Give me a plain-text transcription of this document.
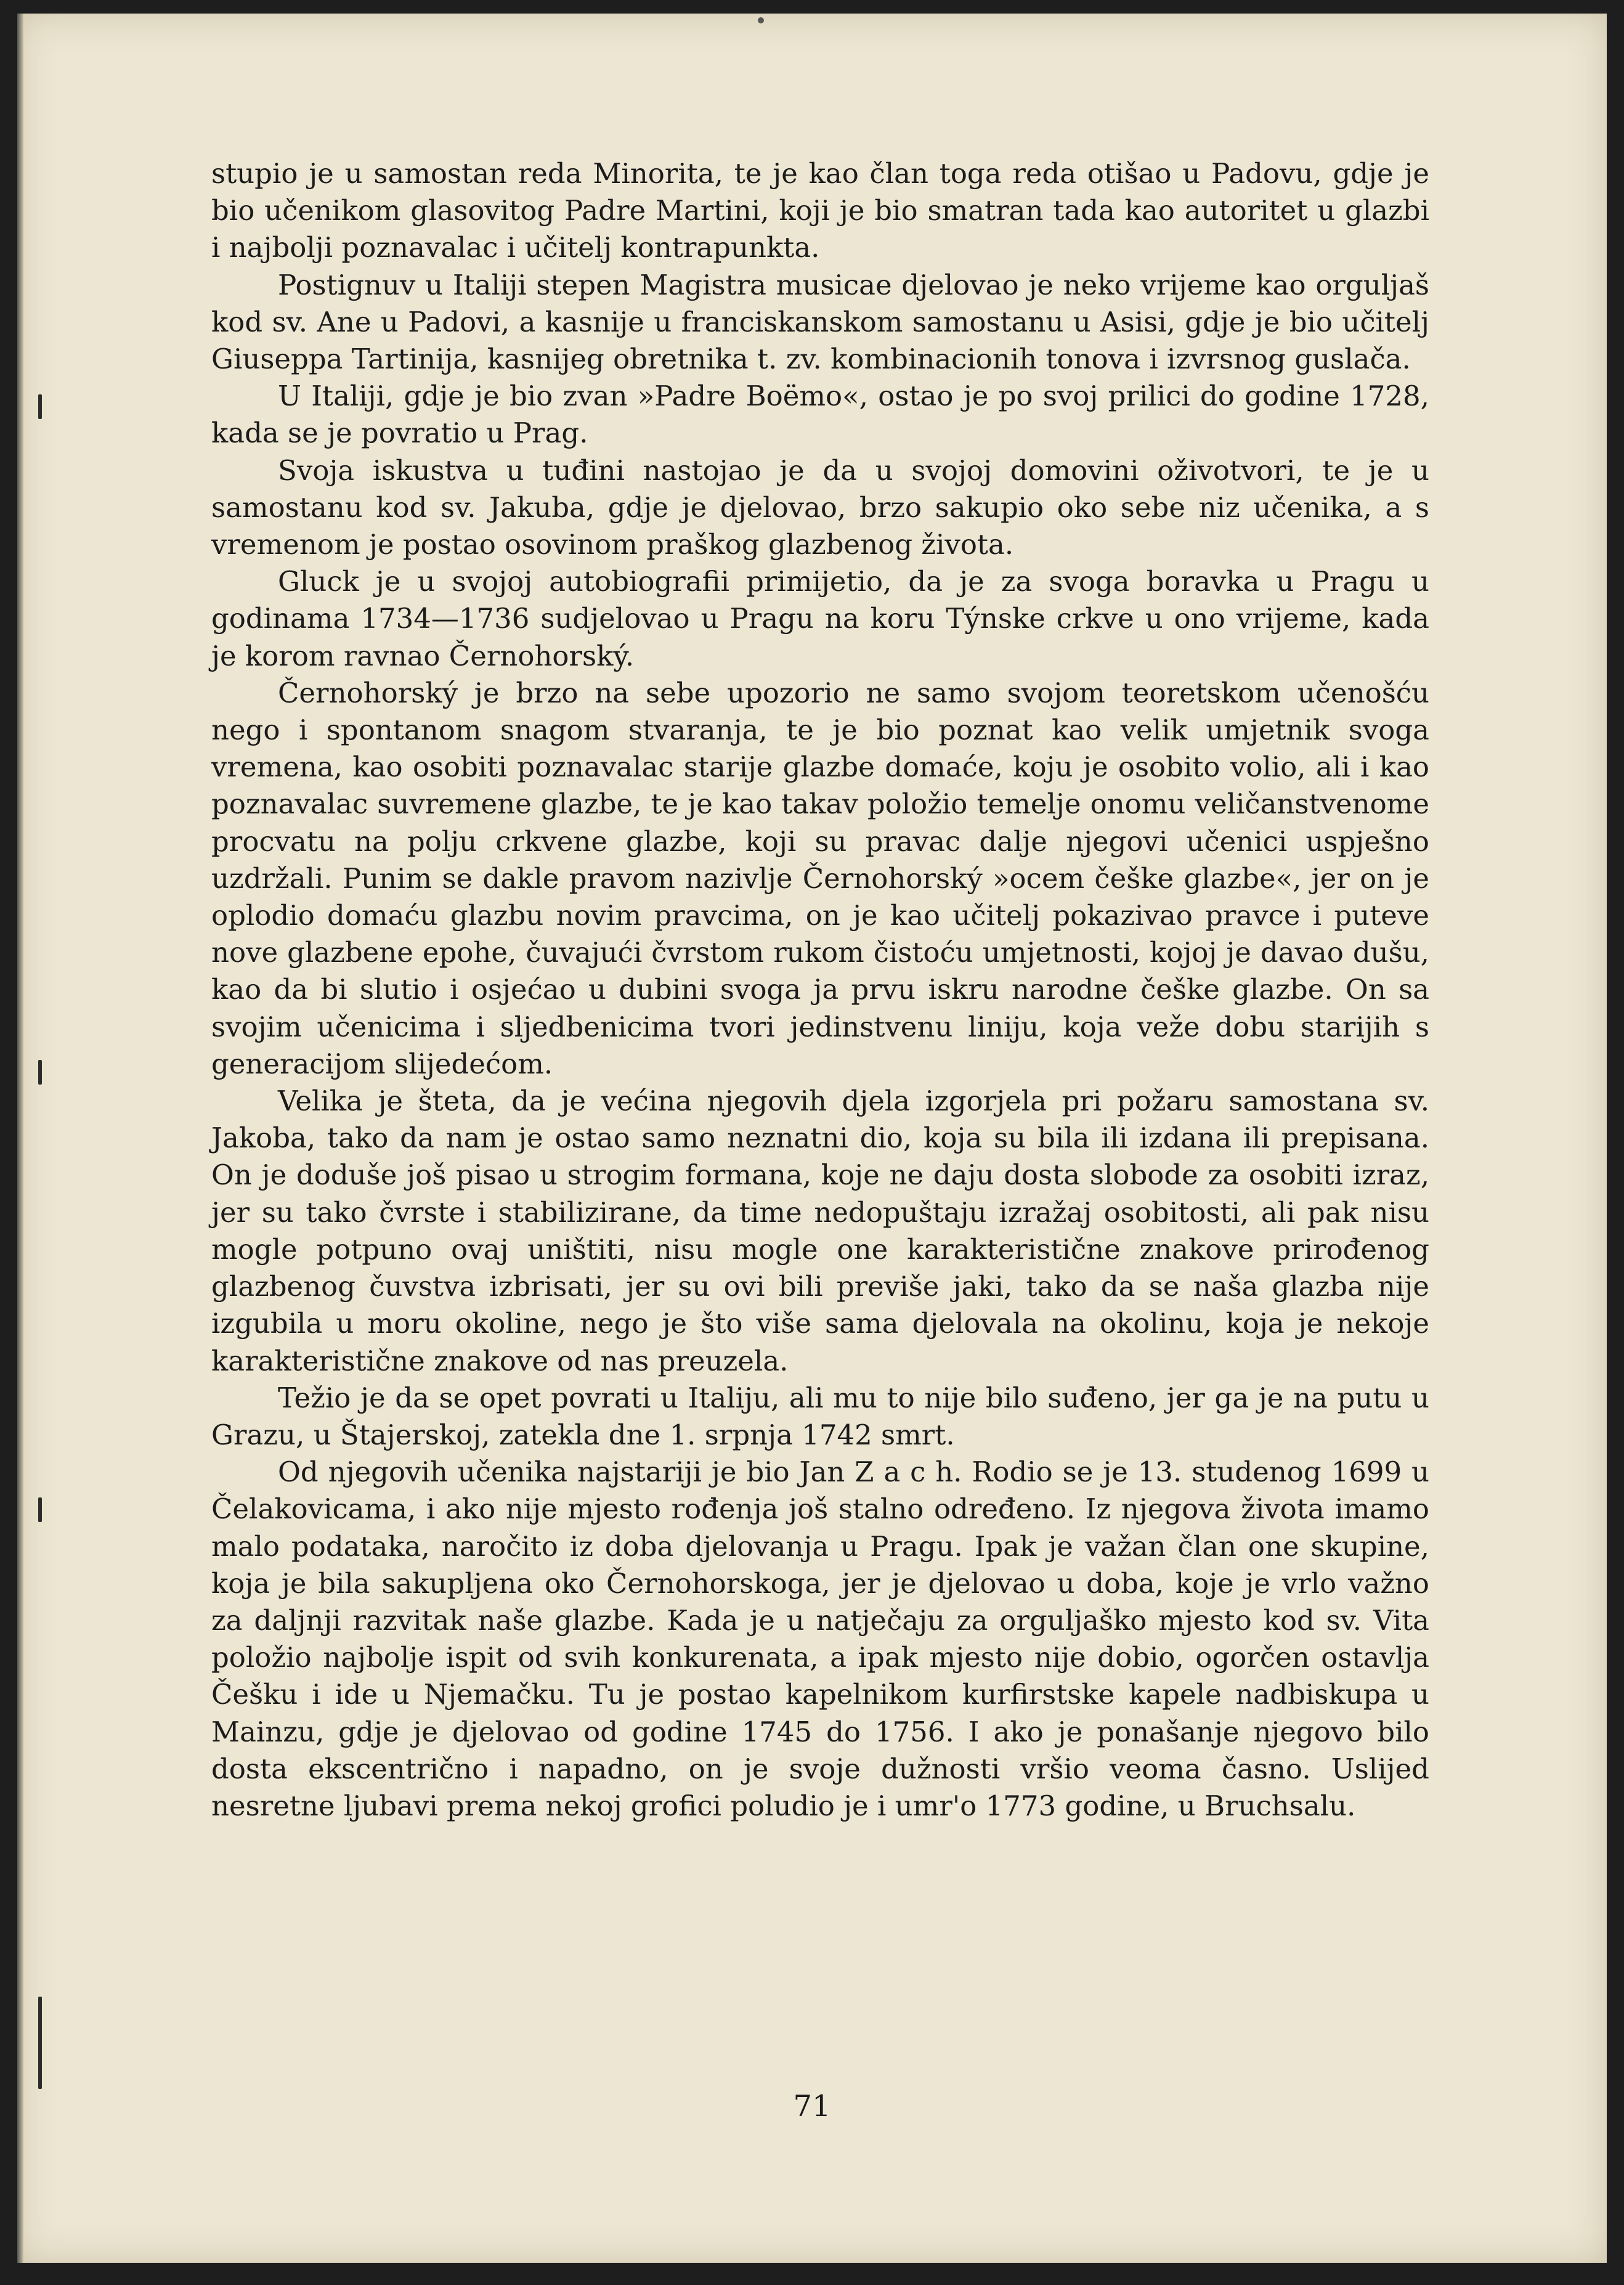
stupio je u samostan reda Minorita, te je kao član toga reda otišao u Padovu, gdje je bio učenikom glasovitog Padre Martini, koji je bio smatran tada kao autoritet u glazbi i najbolji poznavalac i učitelj kontrapunkta.

Postignuv u Italiji stepen Magistra musicae djelovao je neko vrijeme kao orguljaš kod sv. Ane u Padovi, a kasnije u franciskanskom samostanu u Asisi, gdje je bio učitelj Giuseppa Tartinija, kasnijeg obretnika t. zv. kombinacionih tonova i izvrsnog guslača.

U Italiji, gdje je bio zvan »Padre Boëmo«, ostao je po svoj prilici do godine 1728, kada se je povratio u Prag.

Svoja iskustva u tuđini nastojao je da u svojoj domovini oživotvori, te je u samostanu kod sv. Jakuba, gdje je djelovao, brzo sakupio oko sebe niz učenika, a s vremenom je postao osovinom praškog glazbenog života.

Gluck je u svojoj autobiografii primijetio, da je za svoga boravka u Pragu u godinama 1734—1736 sudjelovao u Pragu na koru Týnske crkve u ono vrijeme, kada je korom ravnao Černohorský.

Černohorský je brzo na sebe upozorio ne samo svojom teoretskom učenošću nego i spontanom snagom stvaranja, te je bio poznat kao velik umjetnik svoga vremena, kao osobiti poznavalac starije glazbe domaće, koju je osobito volio, ali i kao poznavalac suvremene glazbe, te je kao takav položio temelje onomu veličanstvenome procvatu na polju crkvene glazbe, koji su pravac dalje njegovi učenici uspješno uzdržali. Punim se dakle pravom nazivlje Černohorský »ocem češke glazbe«, jer on je oplodio domaću glazbu novim pravcima, on je kao učitelj pokazivao pravce i puteve nove glazbene epohe, čuvajući čvrstom rukom čistoću umjetnosti, kojoj je davao dušu, kao da bi slutio i osjećao u dubini svoga ja prvu iskru narodne češke glazbe. On sa svojim učenicima i sljedbenicima tvori jedinstvenu liniju, koja veže dobu starijih s generacijom slijedećom.

Velika je šteta, da je većina njegovih djela izgorjela pri požaru samostana sv. Jakoba, tako da nam je ostao samo neznatni dio, koja su bila ili izdana ili prepisana. On je doduše još pisao u strogim formana, koje ne daju dosta slobode za osobiti izraz, jer su tako čvrste i stabilizirane, da time nedopuštaju izražaj osobitosti, ali pak nisu mogle potpuno ovaj uništiti, nisu mogle one karakteristične znakove prirođenog glazbenog čuvstva izbrisati, jer su ovi bili previše jaki, tako da se naša glazba nije izgubila u moru okoline, nego je što više sama djelovala na okolinu, koja je nekoje karakteristične znakove od nas preuzela.

Težio je da se opet povrati u Italiju, ali mu to nije bilo suđeno, jer ga je na putu u Grazu, u Štajerskoj, zatekla dne 1. srpnja 1742 smrt.

Od njegovih učenika najstariji je bio Jan Z a c h. Rodio se je 13. studenog 1699 u Čelakovicama, i ako nije mjesto rođenja još stalno određeno. Iz njegova života imamo malo podataka, naročito iz doba djelovanja u Pragu. Ipak je važan član one skupine, koja je bila sakupljena oko Černohorskoga, jer je djelovao u doba, koje je vrlo važno za daljnji razvitak naše glazbe. Kada je u natječaju za orguljaško mjesto kod sv. Vita položio najbolje ispit od svih konkurenata, a ipak mjesto nije dobio, ogorčen ostavlja Češku i ide u Njemačku. Tu je postao kapelnikom kurfirstske kapele nadbiskupa u Mainzu, gdje je djelovao od godine 1745 do 1756. I ako je ponašanje njegovo bilo dosta ekscentrično i napadno, on je svoje dužnosti vršio veoma časno. Uslijed nesretne ljubavi prema nekoj grofici poludio je i umr'o 1773 godine, u Bruchsalu.

71
